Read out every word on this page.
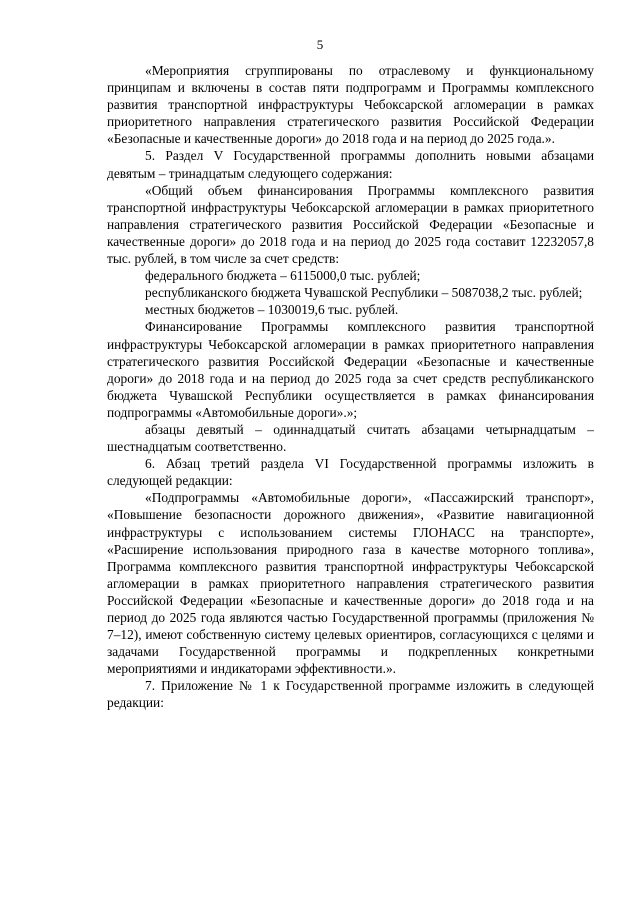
5

«Мероприятия сгруппированы по отраслевому и функциональному принципам и включены в состав пяти подпрограмм и Программы комплексного развития транспортной инфраструктуры Чебоксарской агломерации в рамках приоритетного направления стратегического развития Российской Федерации «Безопасные и качественные дороги» до 2018 года и на период до 2025 года.».

5. Раздел V Государственной программы дополнить новыми абзацами девятым – тринадцатым следующего содержания:

«Общий объем финансирования Программы комплексного развития транспортной инфраструктуры Чебоксарской агломерации в рамках приоритетного направления стратегического развития Российской Федерации «Безопасные и качественные дороги» до 2018 года и на период до 2025 года составит 12232057,8 тыс. рублей, в том числе за счет средств:

федерального бюджета – 6115000,0 тыс. рублей;

республиканского бюджета Чувашской Республики – 5087038,2 тыс. рублей;

местных бюджетов – 1030019,6 тыс. рублей.

Финансирование Программы комплексного развития транспортной инфраструктуры Чебоксарской агломерации в рамках приоритетного направления стратегического развития Российской Федерации «Безопасные и качественные дороги» до 2018 года и на период до 2025 года за счет средств республиканского бюджета Чувашской Республики осуществляется в рамках финансирования подпрограммы «Автомобильные дороги».»;

абзацы девятый – одиннадцатый считать абзацами четырнадцатым – шестнадцатым соответственно.

6. Абзац третий раздела VI Государственной программы изложить в следующей редакции:

«Подпрограммы «Автомобильные дороги», «Пассажирский транспорт», «Повышение безопасности дорожного движения», «Развитие навигационной инфраструктуры с использованием системы ГЛОНАСС на транспорте», «Расширение использования природного газа в качестве моторного топлива», Программа комплексного развития транспортной инфраструктуры Чебоксарской агломерации в рамках приоритетного направления стратегического развития Российской Федерации «Безопасные и качественные дороги» до 2018 года и на период до 2025 года являются частью Государственной программы (приложения № 7–12), имеют собственную систему целевых ориентиров, согласующихся с целями и задачами Государственной программы и подкрепленных конкретными мероприятиями и индикаторами эффективности.».

7. Приложение № 1 к Государственной программе изложить в следующей редакции:
